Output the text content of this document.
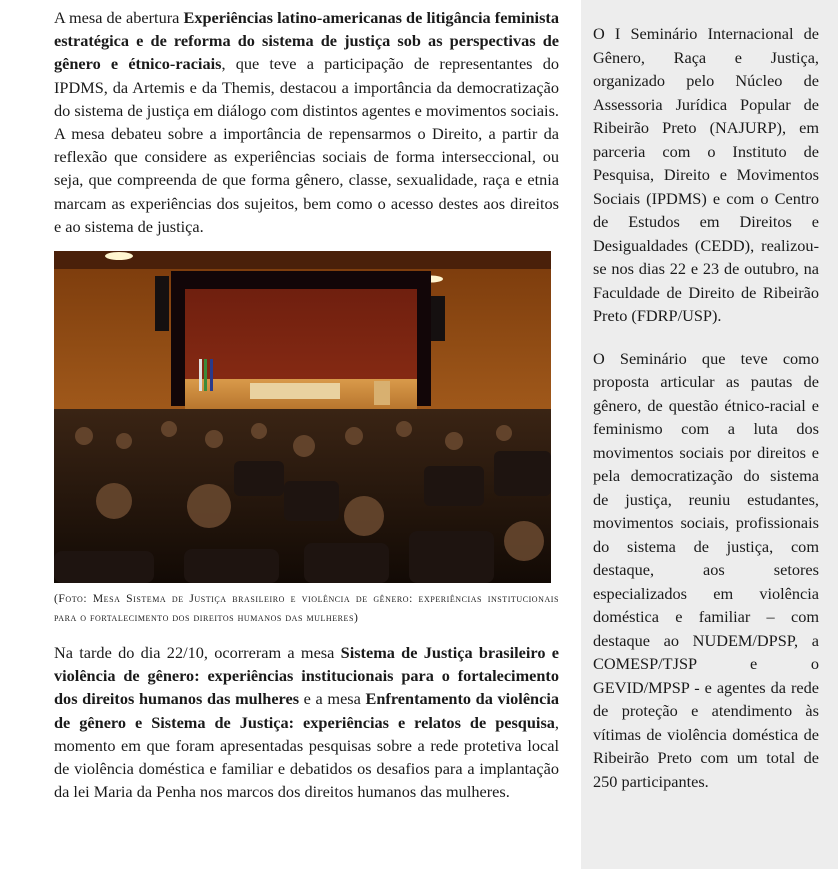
A mesa de abertura Experiências latino-americanas de litigância feminista estratégica e de reforma do sistema de justiça sob as perspectivas de gênero e étnico-raciais, que teve a participação de representantes do IPDMS, da Artemis e da Themis, destacou a importância da democratização do sistema de justiça em diálogo com distintos agentes e movimentos sociais. A mesa debateu sobre a importância de repensarmos o Direito, a partir da reflexão que considere as experiências sociais de forma interseccional, ou seja, que compreenda de que forma gênero, classe, sexualidade, raça e etnia marcam as experiências dos sujeitos, bem como o acesso destes aos direitos e ao sistema de justiça.

(Foto: Mesa Sistema de Justiça brasileiro e violência de gênero: experiências institucionais para o fortalecimento dos direitos humanos das mulheres)

Na tarde do dia 22/10, ocorreram a mesa Sistema de Justiça brasileiro e violência de gênero: experiências institucionais para o fortalecimento dos direitos humanos das mulheres e a mesa Enfrentamento da violência de gênero e Sistema de Justiça: experiências e relatos de pesquisa, momento em que foram apresentadas pesquisas sobre a rede protetiva local de violência doméstica e familiar e debatidos os desafios para a implantação da lei Maria da Penha nos marcos dos direitos humanos das mulheres.

O I Seminário Internacional de Gênero, Raça e Justiça, organizado pelo Núcleo de Assessoria Jurídica Popular de Ribeirão Preto (NAJURP), em parceria com o Instituto de Pesquisa, Direito e Movimentos Sociais (IPDMS) e com o Centro de Estudos em Direitos e Desigualdades (CEDD), realizou-se nos dias 22 e 23 de outubro, na Faculdade de Direito de Ribeirão Preto (FDRP/USP).

O Seminário que teve como proposta articular as pautas de gênero, de questão étnico-racial e feminismo com a luta dos movimentos sociais por direitos e pela democratização do sistema de justiça, reuniu estudantes, movimentos sociais, profissionais do sistema de justiça, com destaque, aos setores especializados em violência doméstica e familiar – com destaque ao NUDEM/DPSP, a COMESP/TJSP e o GEVID/MPSP - e agentes da rede de proteção e atendimento às vítimas de violência doméstica de Ribeirão Preto com um total de 250 participantes.
